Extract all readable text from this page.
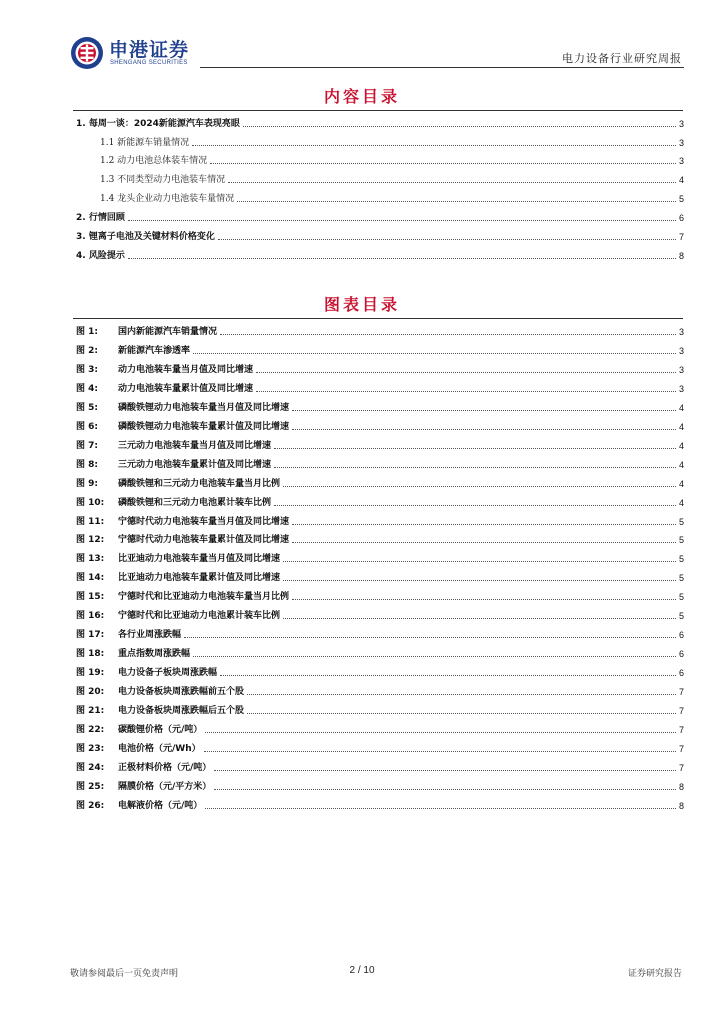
申港证券
SHENGANG SECURITIES	电力设备行业研究周报
内容目录
1. 每周一谈：2024新能源汽车表现亮眼	3
1.1 新能源车销量情况	3
1.2 动力电池总体装车情况	3
1.3 不同类型动力电池装车情况	4
1.4 龙头企业动力电池装车量情况	5
2. 行情回顾	6
3. 锂离子电池及关键材料价格变化	7
4. 风险提示	8
图表目录
图 1: 国内新能源汽车销量情况	3
图 2: 新能源汽车渗透率	3
图 3: 动力电池装车量当月值及同比增速	3
图 4: 动力电池装车量累计值及同比增速	3
图 5: 磷酸铁锂动力电池装车量当月值及同比增速	4
图 6: 磷酸铁锂动力电池装车量累计值及同比增速	4
图 7: 三元动力电池装车量当月值及同比增速	4
图 8: 三元动力电池装车量累计值及同比增速	4
图 9: 磷酸铁锂和三元动力电池装车量当月比例	4
图 10: 磷酸铁锂和三元动力电池累计装车比例	4
图 11: 宁德时代动力电池装车量当月值及同比增速	5
图 12: 宁德时代动力电池装车量累计值及同比增速	5
图 13: 比亚迪动力电池装车量当月值及同比增速	5
图 14: 比亚迪动力电池装车量累计值及同比增速	5
图 15: 宁德时代和比亚迪动力电池装车量当月比例	5
图 16: 宁德时代和比亚迪动力电池累计装车比例	5
图 17: 各行业周涨跌幅	6
图 18: 重点指数周涨跌幅	6
图 19: 电力设备子板块周涨跌幅	6
图 20: 电力设备板块周涨跌幅前五个股	7
图 21: 电力设备板块周涨跌幅后五个股	7
图 22: 碳酸锂价格（元/吨）	7
图 23: 电池价格（元/Wh）	7
图 24: 正极材料价格（元/吨）	7
图 25: 隔膜价格（元/平方米）	8
图 26: 电解液价格（元/吨）	8
敬请参阅最后一页免责声明	2 / 10	证券研究报告
